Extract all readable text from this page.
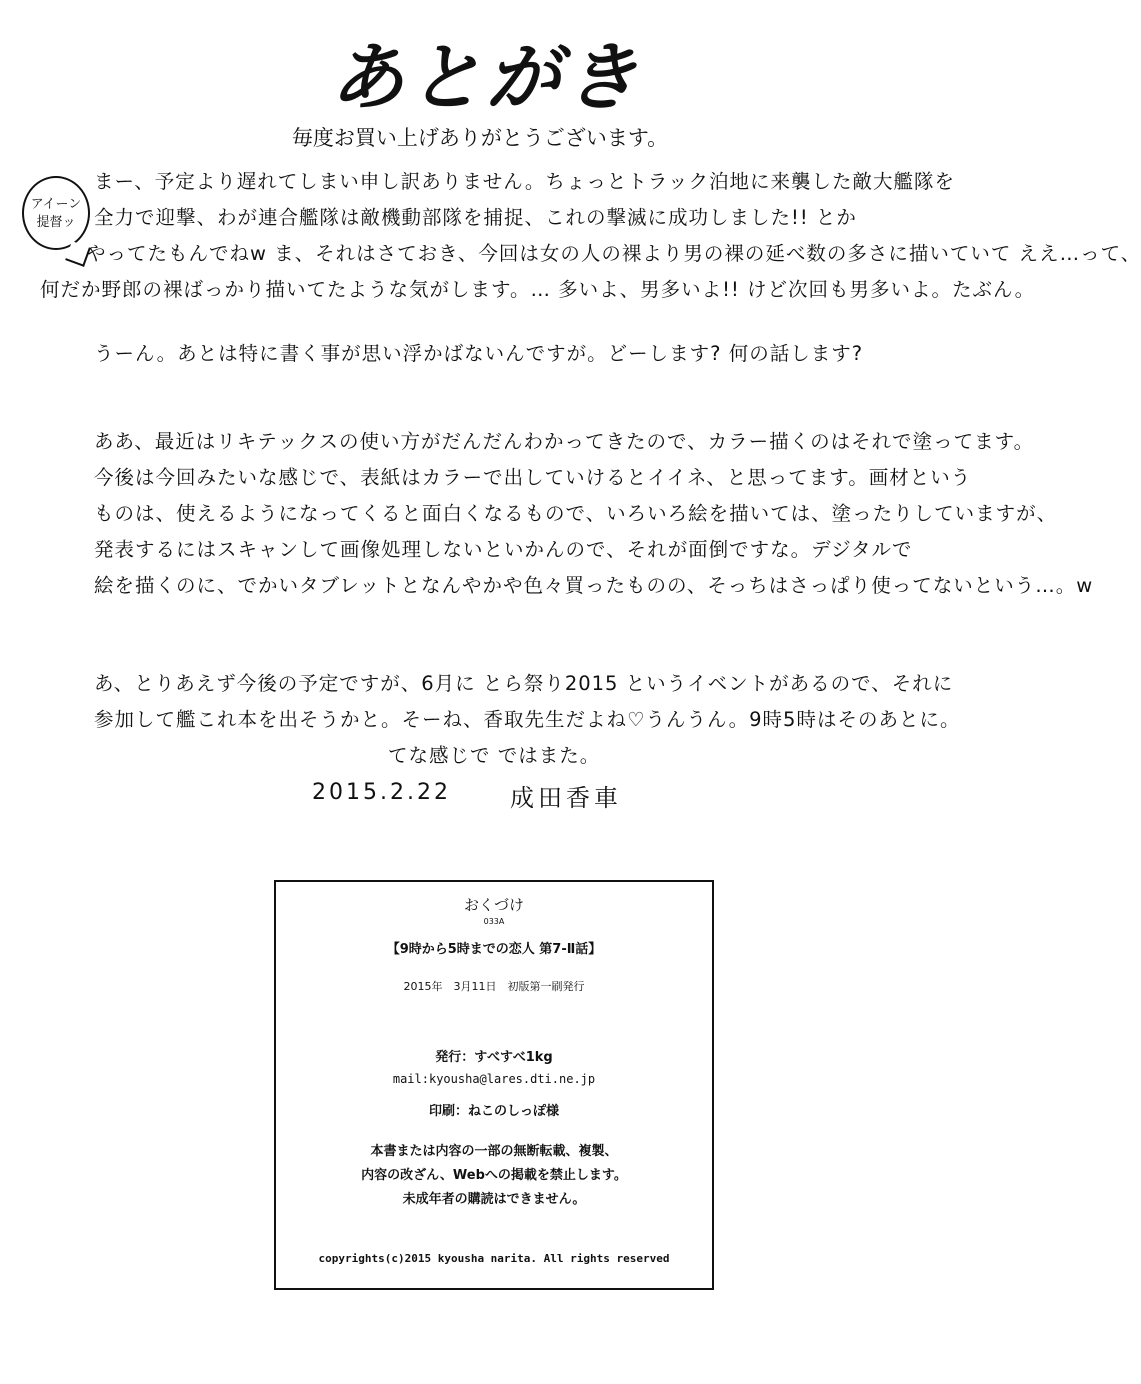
あとがき
毎度お買い上げありがとうございます。
アイーン
提督ッ
まー、予定より遅れてしまい申し訳ありません。ちょっとトラック泊地に来襲した敵大艦隊を
全力で迎撃、わが連合艦隊は敵機動部隊を捕捉、これの撃滅に成功しました!! とか
やってたもんでねw ま、それはさておき、今回は女の人の裸より男の裸の延べ数の多さに描いていて ええ…って、
何だか野郎の裸ばっかり描いてたような気がします。… 多いよ、男多いよ!! けど次回も男多いよ。たぶん。
うーん。あとは特に書く事が思い浮かばないんですが。どーします? 何の話します?
ああ、最近はリキテックスの使い方がだんだんわかってきたので、カラー描くのはそれで塗ってます。
今後は今回みたいな感じで、表紙はカラーで出していけるとイイネ、と思ってます。画材という
ものは、使えるようになってくると面白くなるもので、いろいろ絵を描いては、塗ったりしていますが、
発表するにはスキャンして画像処理しないといかんので、それが面倒ですな。デジタルで
絵を描くのに、でかいタブレットとなんやかや色々買ったものの、そっちはさっぱり使ってないという…。w
あ、とりあえず今後の予定ですが、6月に とら祭り2015 というイベントがあるので、それに
参加して艦これ本を出そうかと。そーね、香取先生だよね♡うんうん。9時5時はそのあとに。
てな感じで ではまた。
2015.2.22 成田香車
おくづけ
033A
【9時から5時までの恋人 第7-Ⅱ話】
2015年　3月11日　初版第一刷発行
発行：すべすべ1kg
mail:kyousha@lares.dti.ne.jp
印刷：ねこのしっぽ様
本書または内容の一部の無断転載、複製、
内容の改ざん、Webへの掲載を禁止します。
未成年者の購読はできません。
copyrights(c)2015 kyousha narita. All rights reserved
